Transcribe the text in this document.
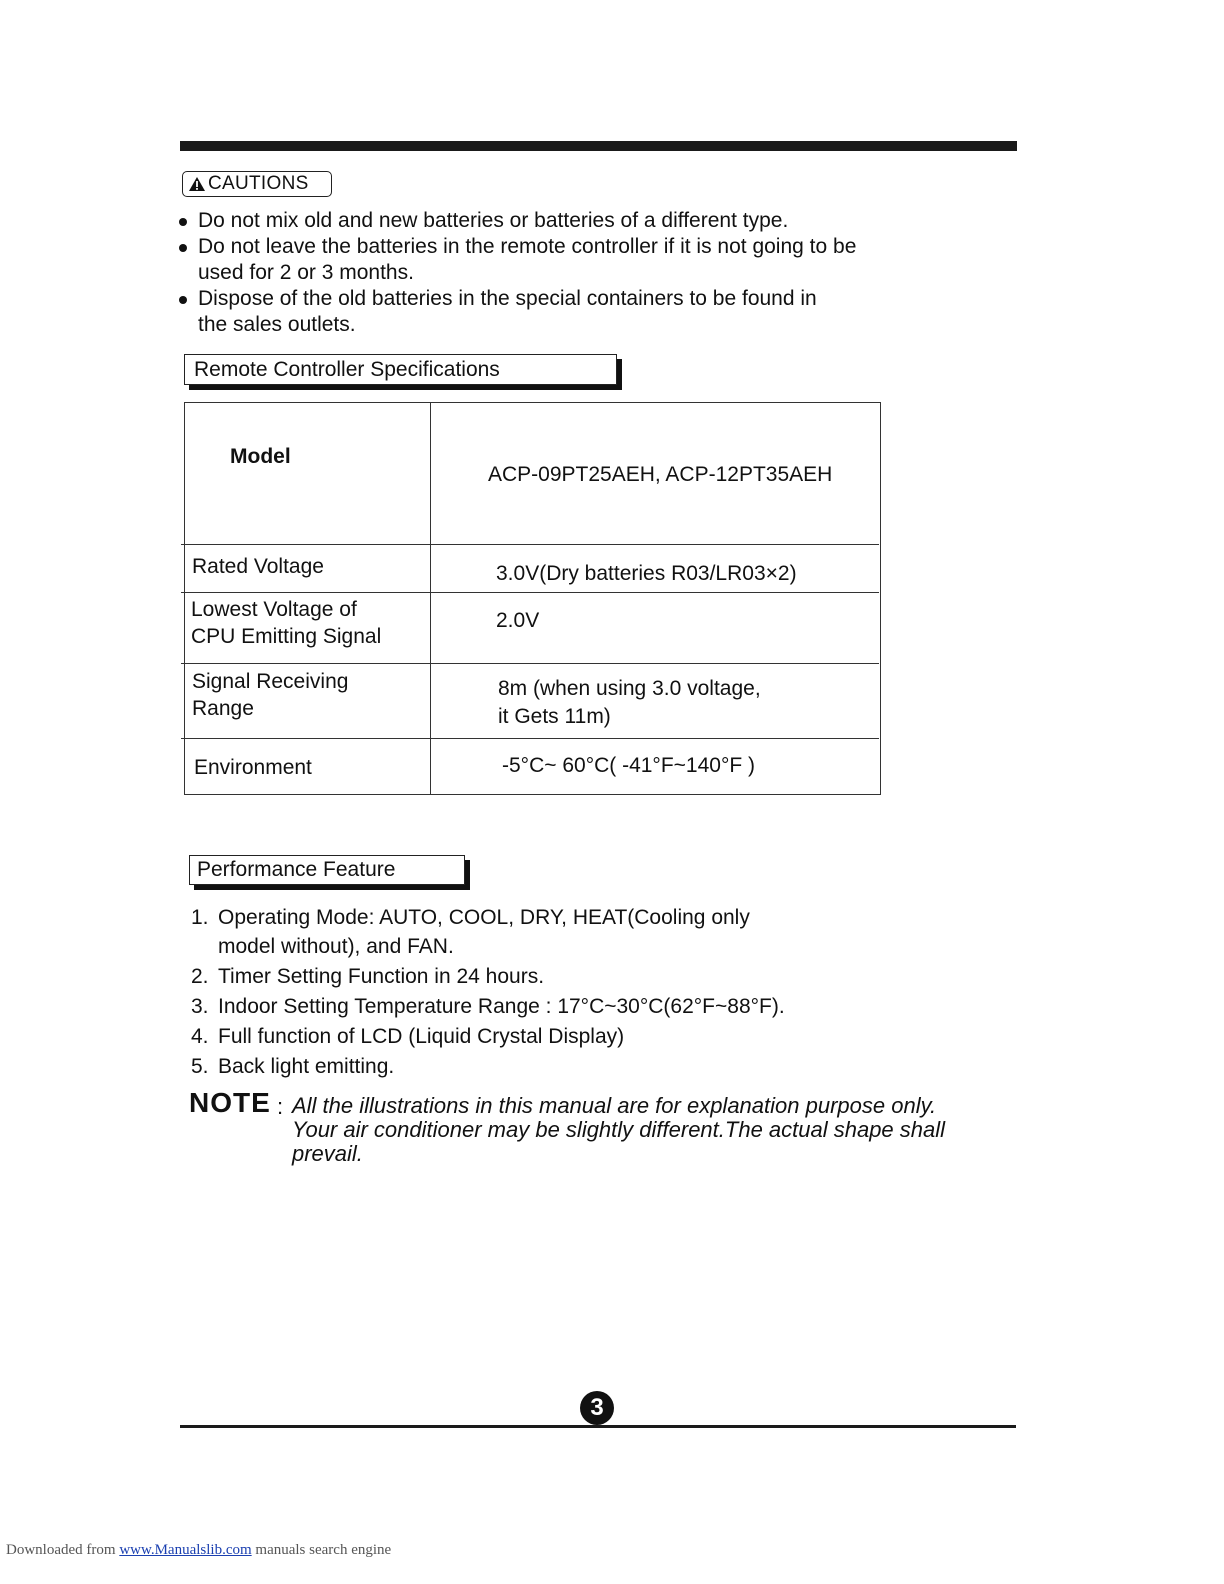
CAUTIONS
Do not mix old and new batteries or batteries of a different type.
Do not leave the batteries in the remote controller if it is not going to be used for 2 or 3 months.
Dispose of the old batteries in the special containers to be found in the sales outlets.
Remote Controller Specifications
Model
ACP-09PT25AEH, ACP-12PT35AEH
Rated Voltage	3.0V(Dry batteries R03/LR03×2)
Lowest Voltage of
CPU Emitting Signal
2.0V
Signal Receiving
Range
8m (when using 3.0 voltage,
it Gets 11m)
Environment	-5°C~ 60°C( -41°F~140°F )
Performance Feature
1. Operating Mode: AUTO, COOL, DRY, HEAT(Cooling only
model without), and FAN.
2. Timer Setting Function in 24 hours.
3. Indoor Setting Temperature Range : 17°C~30°C(62°F~88°F).
4. Full function of LCD (Liquid Crystal Display)
5. Back light emitting.
NOTE : All the illustrations in this manual are for explanation purpose only.
Your air conditioner may be slightly different.The actual shape shall
prevail.
3
Downloaded from www.Manualslib.com manuals search engine
